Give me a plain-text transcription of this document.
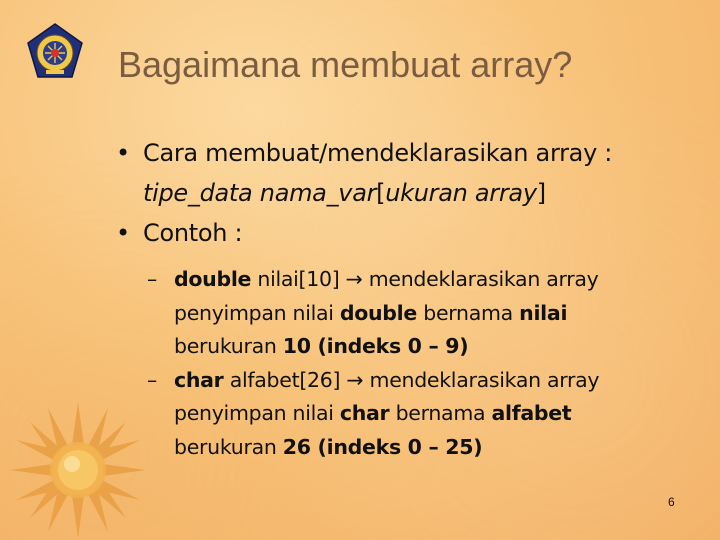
Bagaimana membuat array?
• Cara membuat/mendeklarasikan array :
tipe_data nama_var[ukuran array]
• Contoh :
– double nilai[10] → mendeklarasikan array
penyimpan nilai double bernama nilai
berukuran 10 (indeks 0 – 9)
– char alfabet[26] → mendeklarasikan array
penyimpan nilai char bernama alfabet
berukuran 26 (indeks 0 – 25)
6
